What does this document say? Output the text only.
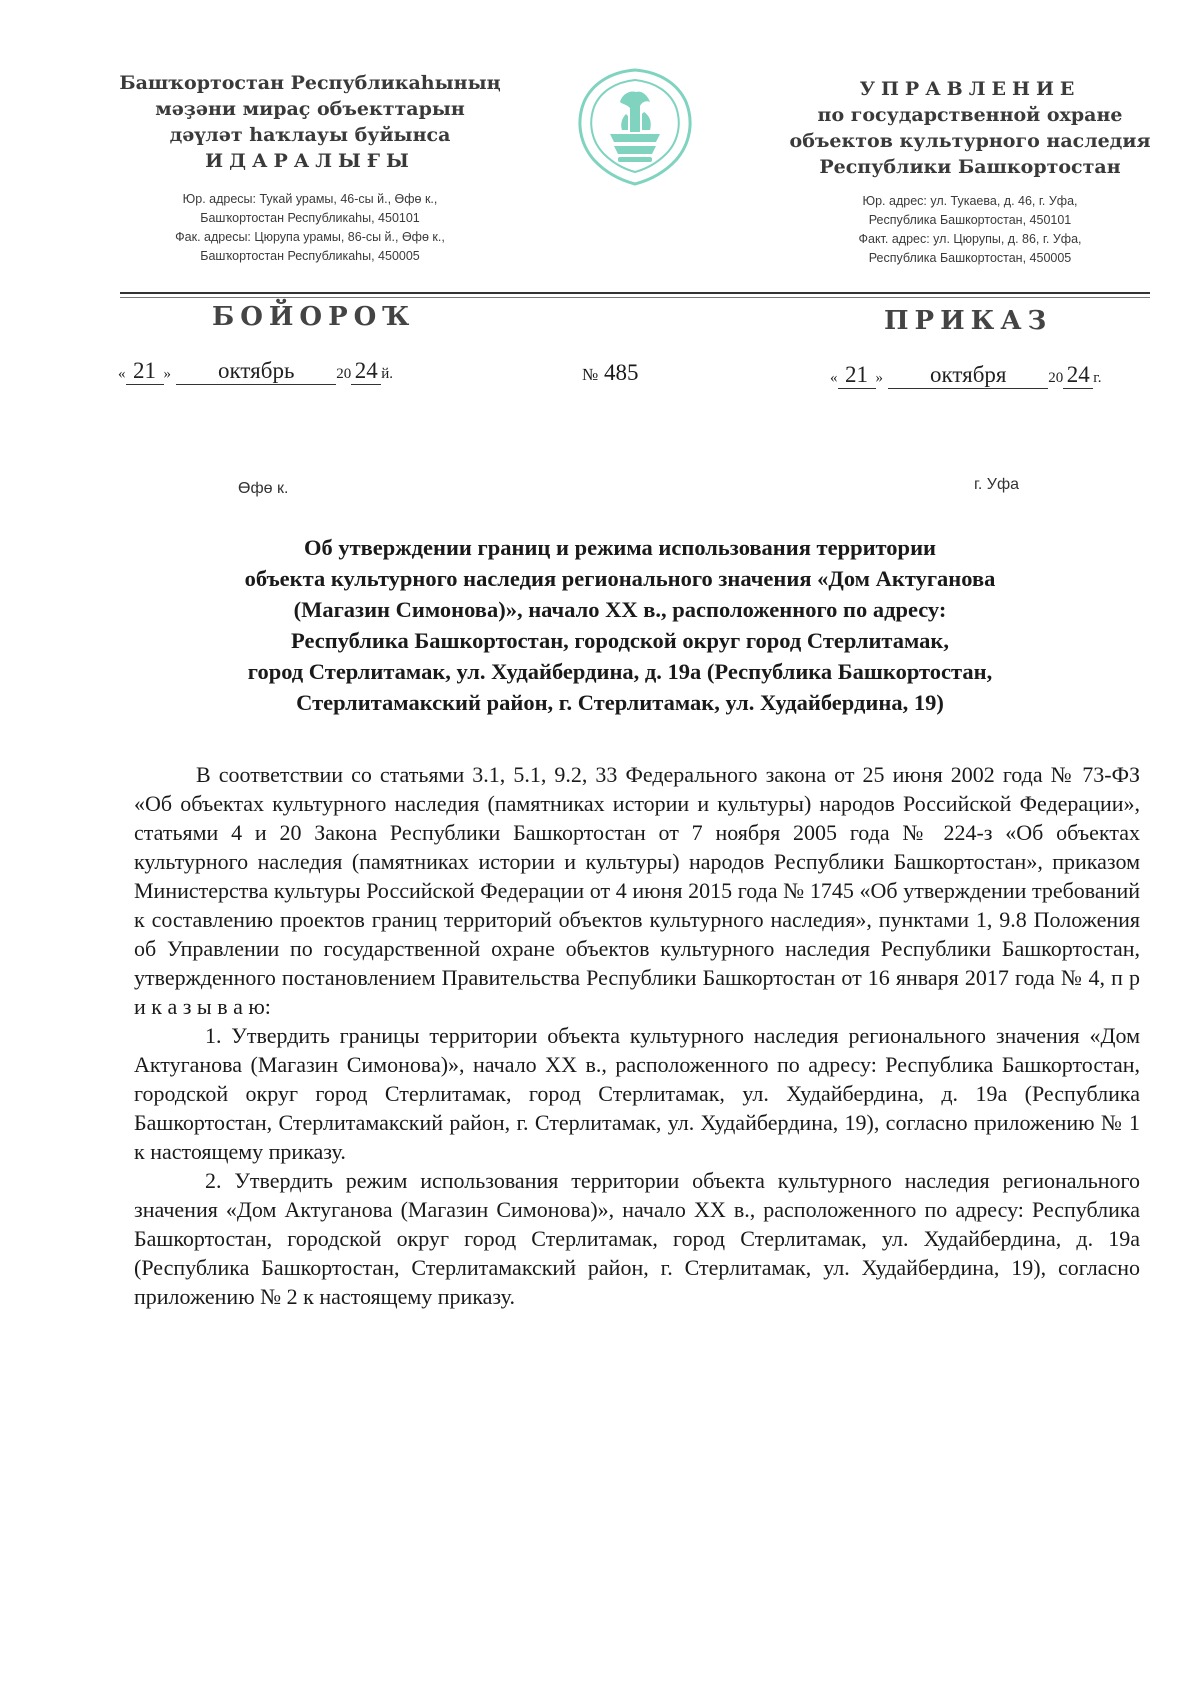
Башҡортостан Республикаһының
мәҙәни мираҫ объекттарын
дәүләт һаҡлауы буйынса
ИДАРАЛЫҒЫ
Юр. адресы: Тукай урамы, 46-сы й., Өфө к.,
Башҡортостан Республикаһы, 450101
Фак. адресы: Цюрупа урамы, 86-сы й., Өфө к.,
Башҡортостан Республикаһы, 450005
УПРАВЛЕНИЕ
по государственной охране
объектов культурного наследия
Республики Башкортостан
Юр. адрес: ул. Тукаева, д. 46, г. Уфа,
Республика Башкортостан, 450101
Факт. адрес: ул. Цюрупы, д. 86, г. Уфа,
Республика Башкортостан, 450005
БОЙОРОҠ	ПРИКАЗ
« 21 » октябрь	20 24 й.	№ 485	« 21 » октября	20 24 г.
Өфө к.	г. Уфа
Об утверждении границ и режима использования территории
объекта культурного наследия регионального значения «Дом Актуганова
(Магазин Симонова)», начало XX в., расположенного по адресу:
Республика Башкортостан, городской округ город Стерлитамак,
город Стерлитамак, ул. Худайбердина, д. 19а (Республика Башкортостан,
Стерлитамакский район, г. Стерлитамак, ул. Худайбердина, 19)

В соответствии со статьями 3.1, 5.1, 9.2, 33 Федерального закона от 25 июня 2002 года № 73-ФЗ «Об объектах культурного наследия (памятниках истории и культуры) народов Российской Федерации», статьями 4 и 20 Закона Республики Башкортостан от 7 ноября 2005 года № 224-з «Об объектах культурного наследия (памятниках истории и культуры) народов Республики Башкортостан», приказом Министерства культуры Российской Федерации от 4 июня 2015 года № 1745 «Об утверждении требований к составлению проектов границ территорий объектов культурного наследия», пунктами 1, 9.8 Положения об Управлении по государственной охране объектов культурного наследия Республики Башкортостан, утвержденного постановлением Правительства Республики Башкортостан от 16 января 2017 года № 4, п р и к а з ы в а ю:

1. Утвердить границы территории объекта культурного наследия регионального значения «Дом Актуганова (Магазин Симонова)», начало XX в., расположенного по адресу: Республика Башкортостан, городской округ город Стерлитамак, город Стерлитамак, ул. Худайбердина, д. 19а (Республика Башкортостан, Стерлитамакский район, г. Стерлитамак, ул. Худайбердина, 19), согласно приложению № 1 к настоящему приказу.

2. Утвердить режим использования территории объекта культурного наследия регионального значения «Дом Актуганова (Магазин Симонова)», начало XX в., расположенного по адресу: Республика Башкортостан, городской округ город Стерлитамак, город Стерлитамак, ул. Худайбердина, д. 19а (Республика Башкортостан, Стерлитамакский район, г. Стерлитамак, ул. Худайбердина, 19), согласно приложению № 2 к настоящему приказу.
